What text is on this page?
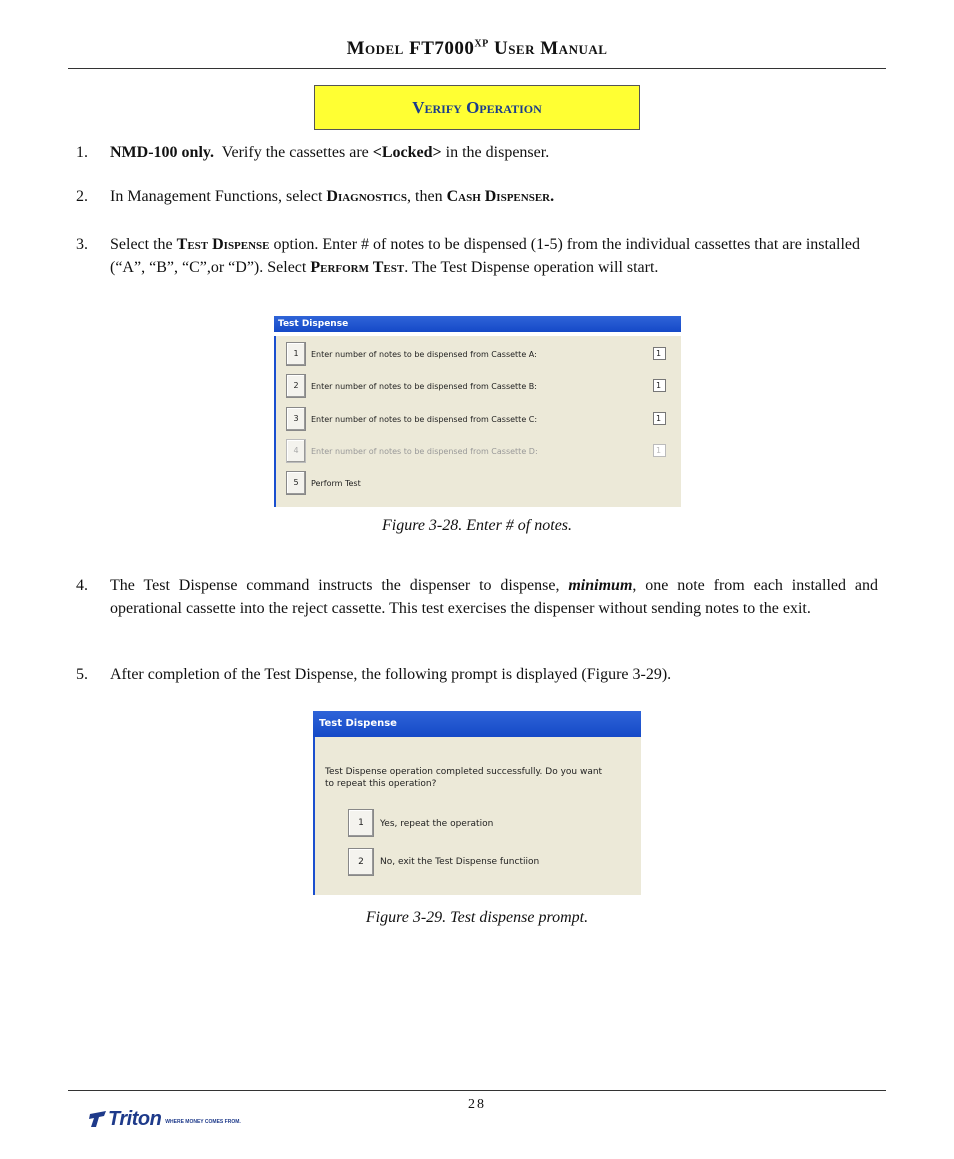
Model $FT7000^{XP}$ User Manual
Verify Operation
1.	NMD-100 only.  Verify the cassettes are <Locked> in the dispenser.
2.	In Management Functions, select Diagnostics, then Cash Dispenser.
3.	Select the Test Dispense option. Enter # of notes to be dispensed (1-5) from the individual cassettes that are installed (“A”, “B”, “C”,or “D”). Select Perform Test. The Test Dispense operation will start.
Test Dispense
1	Enter number of notes to be dispensed from Cassette A:	1
2	Enter number of notes to be dispensed from Cassette B:	1
3	Enter number of notes to be dispensed from Cassette C:	1
4	Enter number of notes to be dispensed from Cassette D:	1
5	Perform Test
Figure 3-28. Enter # of notes.
4.	The Test Dispense command instructs the dispenser to dispense, minimum, one note from each installed and operational cassette into the reject cassette. This test exercises the dispenser without sending notes to the exit.
5.	After completion of the Test Dispense, the following prompt is displayed (Figure 3-29).
Test Dispense
Test Dispense operation completed successfully. Do you want
to repeat this operation?
1	Yes, repeat the operation
2	No, exit the Test Dispense functiion
Figure 3-29. Test dispense prompt.
28
Triton WHERE MONEY COMES FROM.
